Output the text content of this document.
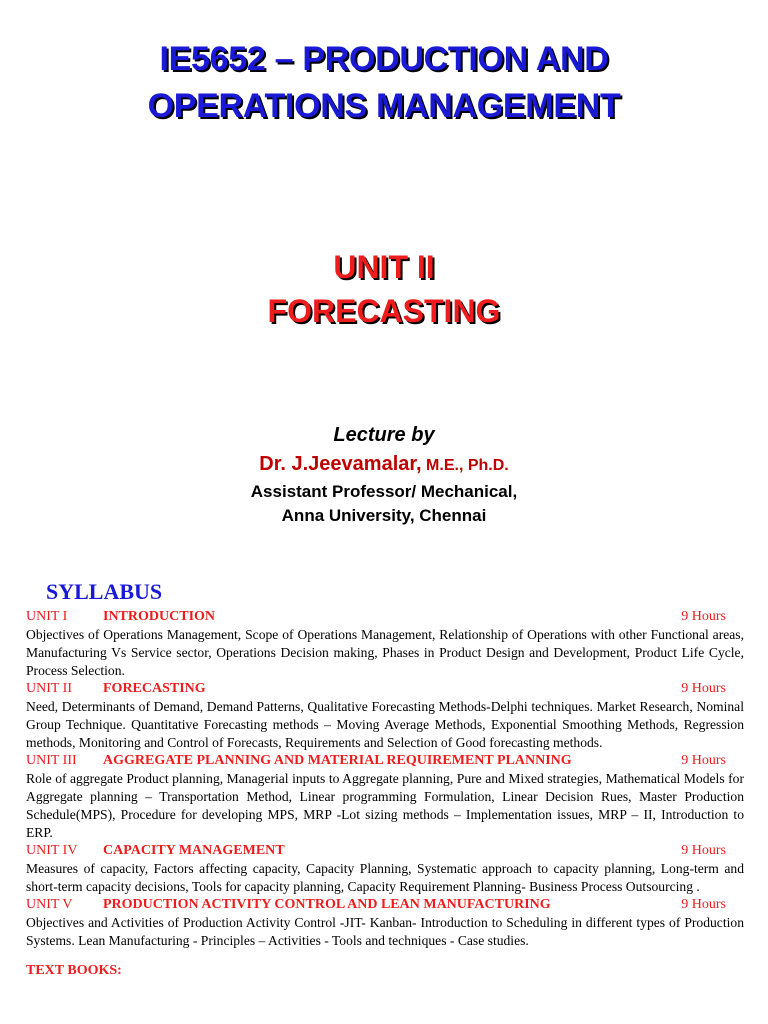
IE5652 – PRODUCTION AND
OPERATIONS MANAGEMENT
UNIT II
FORECASTING
Lecture by
Dr. J.Jeevamalar, M.E., Ph.D.
Assistant Professor/ Mechanical,
Anna University, Chennai
SYLLABUS
UNIT I	INTRODUCTION	9 Hours

Objectives of Operations Management, Scope of Operations Management, Relationship of Operations with other Functional areas, Manufacturing Vs Service sector, Operations Decision making, Phases in Product Design and Development, Product Life Cycle, Process Selection.

UNIT II FORECASTING	9 Hours

Need, Determinants of Demand, Demand Patterns, Qualitative Forecasting Methods-Delphi techniques. Market Research, Nominal Group Technique. Quantitative Forecasting methods – Moving Average Methods, Exponential Smoothing Methods, Regression methods, Monitoring and Control of Forecasts, Requirements and Selection of Good forecasting methods.

UNIT III AGGREGATE PLANNING AND MATERIAL REQUIREMENT PLANNING	9 Hours

Role of aggregate Product planning, Managerial inputs to Aggregate planning, Pure and Mixed strategies, Mathematical Models for Aggregate planning – Transportation Method, Linear programming Formulation, Linear Decision Rues, Master Production Schedule(MPS), Procedure for developing MPS, MRP -Lot sizing methods – Implementation issues, MRP – II, Introduction to ERP.

UNIT IV CAPACITY MANAGEMENT	9 Hours

Measures of capacity, Factors affecting capacity, Capacity Planning, Systematic approach to capacity planning, Long-term and short-term capacity decisions, Tools for capacity planning, Capacity Requirement Planning- Business Process Outsourcing .

UNIT V PRODUCTION ACTIVITY CONTROL AND LEAN MANUFACTURING	9 Hours

Objectives and Activities of Production Activity Control -JIT- Kanban- Introduction to Scheduling in different types of Production Systems. Lean Manufacturing - Principles – Activities - Tools and techniques - Case studies.

TEXT BOOKS:
